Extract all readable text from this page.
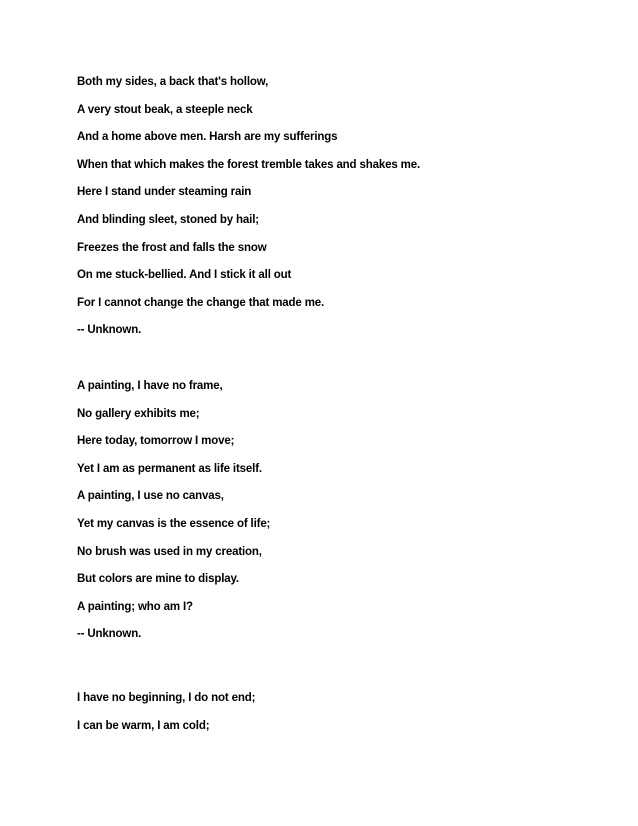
Both my sides, a back that's hollow,
A very stout beak, a steeple neck
And a home above men. Harsh are my sufferings
When that which makes the forest tremble takes and shakes me.
Here I stand under steaming rain
And blinding sleet, stoned by hail;
Freezes the frost and falls the snow
On me stuck-bellied. And I stick it all out
For I cannot change the change that made me.
-- Unknown.
A painting, I have no frame,
No gallery exhibits me;
Here today, tomorrow I move;
Yet I am as permanent as life itself.
A painting, I use no canvas,
Yet my canvas is the essence of life;
No brush was used in my creation,
But colors are mine to display.
A painting; who am I?
-- Unknown.
I have no beginning, I do not end;
I can be warm, I am cold;
